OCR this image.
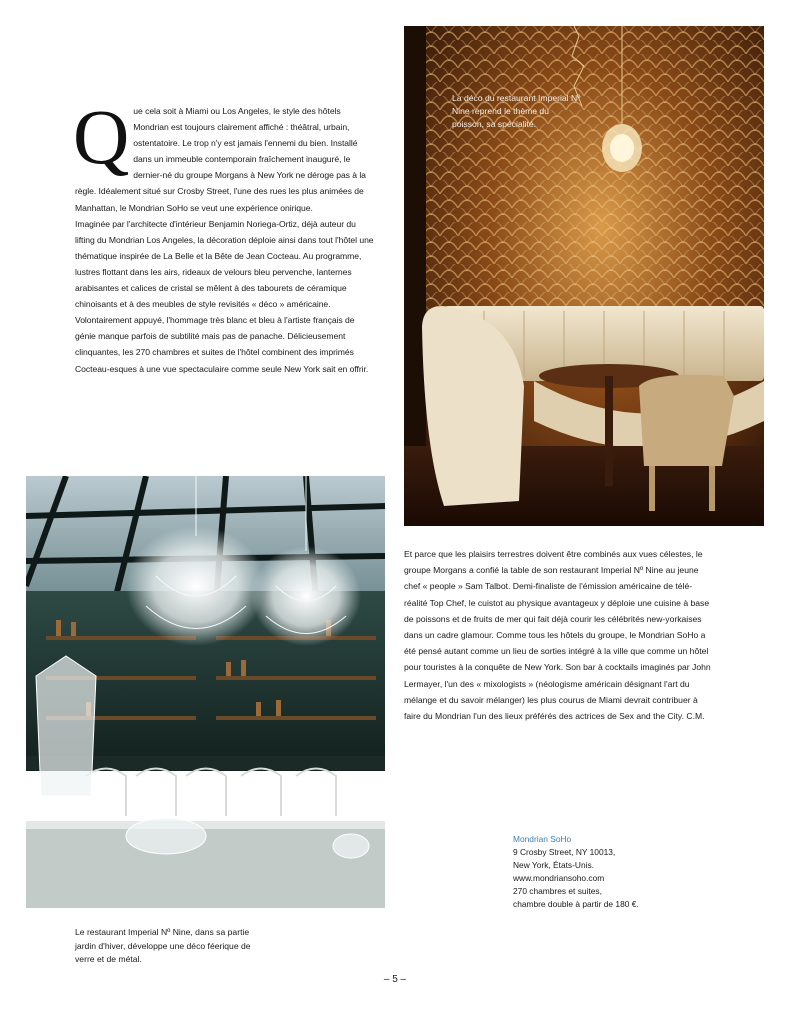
Q ue cela soit à Miami ou Los Angeles, le style des hôtels Mondrian est toujours clairement affiché : théâtral, urbain, ostentatoire. Le trop n'y est jamais l'ennemi du bien. Installé dans un immeuble contemporain fraîchement inauguré, le dernier-né du groupe Morgans à New York ne déroge pas à la règle. Idéalement situé sur Crosby Street, l'une des rues les plus animées de Manhattan, le Mondrian SoHo se veut une expérience onirique.

Imaginée par l'architecte d'intérieur Benjamin Noriega-Ortiz, déjà auteur du lifting du Mondrian Los Angeles, la décoration déploie ainsi dans tout l'hôtel une thématique inspirée de La Belle et la Bête de Jean Cocteau. Au programme, lustres flottant dans les airs, rideaux de velours bleu pervenche, lanternes arabisantes et calices de cristal se mêlent à des tabourets de céramique chinoisants et à des meubles de style revisités « déco » américaine.

Volontairement appuyé, l'hommage très blanc et bleu à l'artiste français de génie manque parfois de subtilité mais pas de panache. Délicieusement clinquantes, les 270 chambres et suites de l'hôtel combinent des imprimés Cocteau-esques à une vue spectaculaire comme seule New York sait en offrir.

La déco du restaurant Imperial Nº Nine reprend le thème du poisson, sa spécialité.

Et parce que les plaisirs terrestres doivent être combinés aux vues célestes, le groupe Morgans a confié la table de son restaurant Imperial Nº Nine au jeune chef « people » Sam Talbot. Demi-finaliste de l'émission américaine de télé-réalité Top Chef, le cuistot au physique avantageux y déploie une cuisine à base de poissons et de fruits de mer qui fait déjà courir les célébrités new-yorkaises dans un cadre glamour. Comme tous les hôtels du groupe, le Mondrian SoHo a été pensé autant comme un lieu de sorties intégré à la ville que comme un hôtel pour touristes à la conquête de New York. Son bar à cocktails imaginés par John Lermayer, l'un des « mixologists » (néologisme américain désignant l'art du mélange et du savoir mélanger) les plus courus de Miami devrait contribuer à faire du Mondrian l'un des lieux préférés des actrices de Sex and the City. C.M.

Mondrian SoHo
9 Crosby Street, NY 10013,
New York, États-Unis.
www.mondriansoho.com
270 chambres et suites,
chambre double à partir de 180 €.
Le restaurant Imperial Nº Nine, dans sa partie jardin d'hiver, développe une déco féerique de verre et de métal.
– 5 –
